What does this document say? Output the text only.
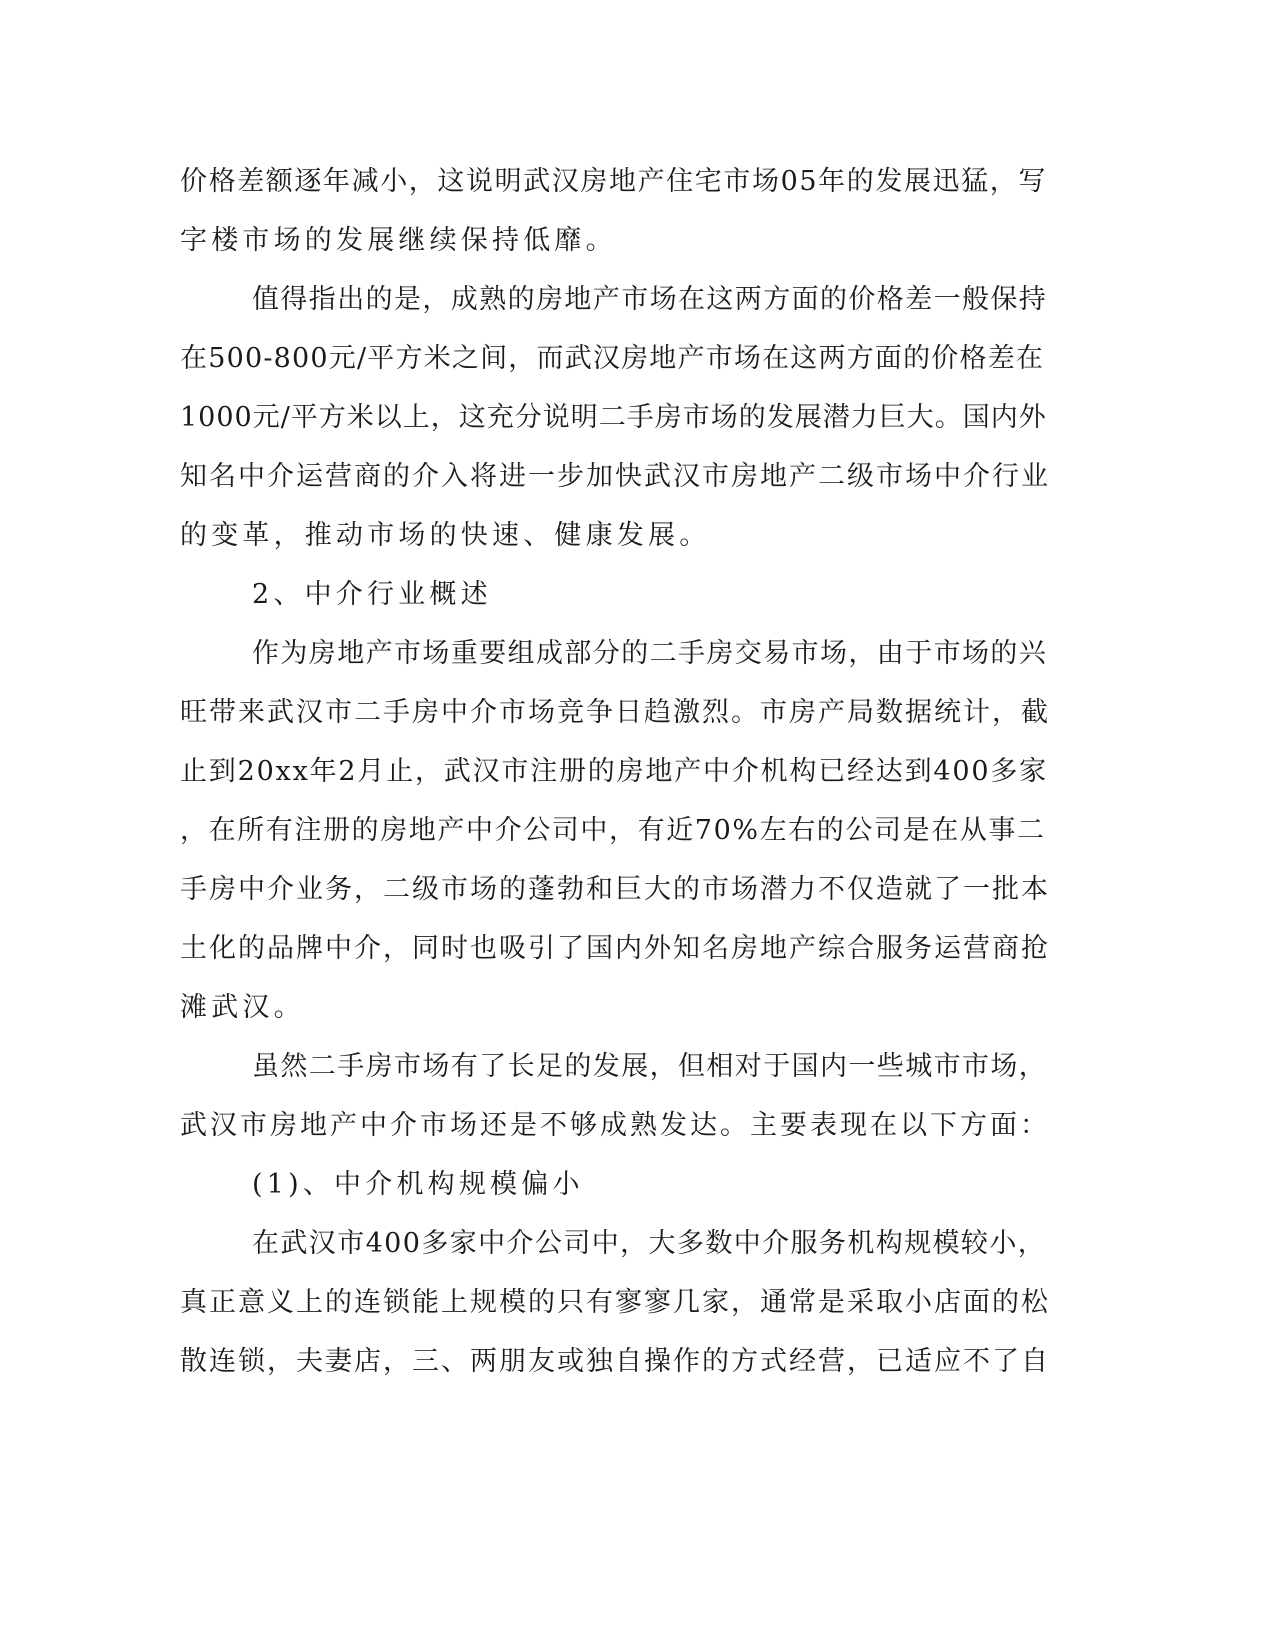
价格差额逐年减小，这说明武汉房地产住宅市场05年的发展迅猛，写
字楼市场的发展继续保持低靡。
值得指出的是，成熟的房地产市场在这两方面的价格差一般保持
在500-800元/平方米之间，而武汉房地产市场在这两方面的价格差在
1000元/平方米以上，这充分说明二手房市场的发展潜力巨大。国内外
知名中介运营商的介入将进一步加快武汉市房地产二级市场中介行业
的变革，推动市场的快速、健康发展。
2、中介行业概述
作为房地产市场重要组成部分的二手房交易市场，由于市场的兴
旺带来武汉市二手房中介市场竞争日趋激烈。市房产局数据统计，截
止到20xx年2月止，武汉市注册的房地产中介机构已经达到400多家
，在所有注册的房地产中介公司中，有近70%左右的公司是在从事二
手房中介业务，二级市场的蓬勃和巨大的市场潜力不仅造就了一批本
土化的品牌中介，同时也吸引了国内外知名房地产综合服务运营商抢
滩武汉。
虽然二手房市场有了长足的发展，但相对于国内一些城市市场，
武汉市房地产中介市场还是不够成熟发达。主要表现在以下方面：
(1)、中介机构规模偏小
在武汉市400多家中介公司中，大多数中介服务机构规模较小，
真正意义上的连锁能上规模的只有寥寥几家，通常是采取小店面的松
散连锁，夫妻店，三、两朋友或独自操作的方式经营，已适应不了自
